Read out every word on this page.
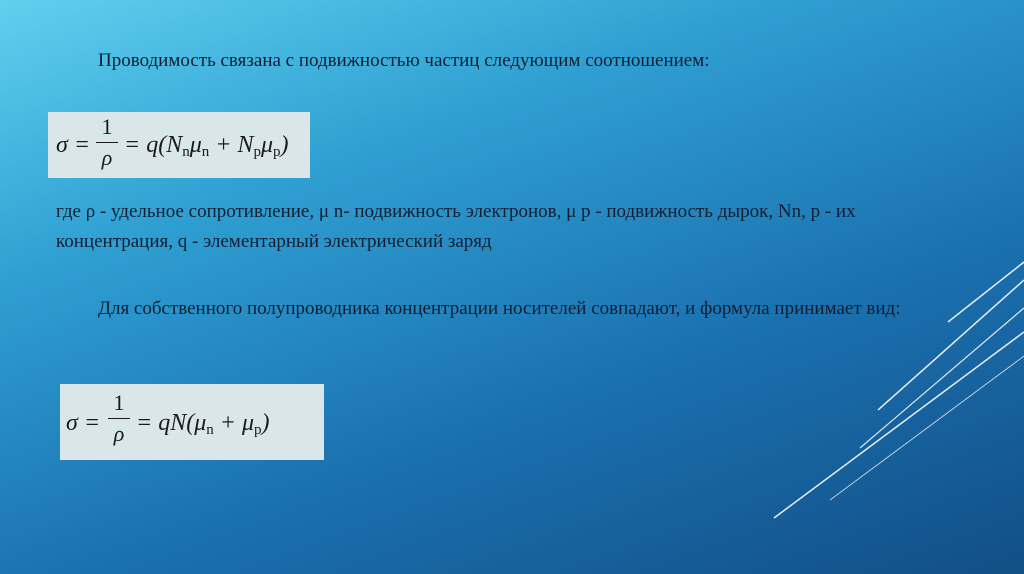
Проводимость связана с подвижностью частиц следующим соотношением:
σ =
1
$\rho = q(N_n\mu_n + N_p\mu_p)$
где ρ - удельное сопротивление, μ n- подвижность электронов, μ p - подвижность дырок, Nn, p - их концентрация, q - элементарный электрический заряд
Для собственного полупроводника концентрации носителей совпадают, и формула принимает вид:
σ =
1
$\rho = qN(\mu_n + \mu_p)$
